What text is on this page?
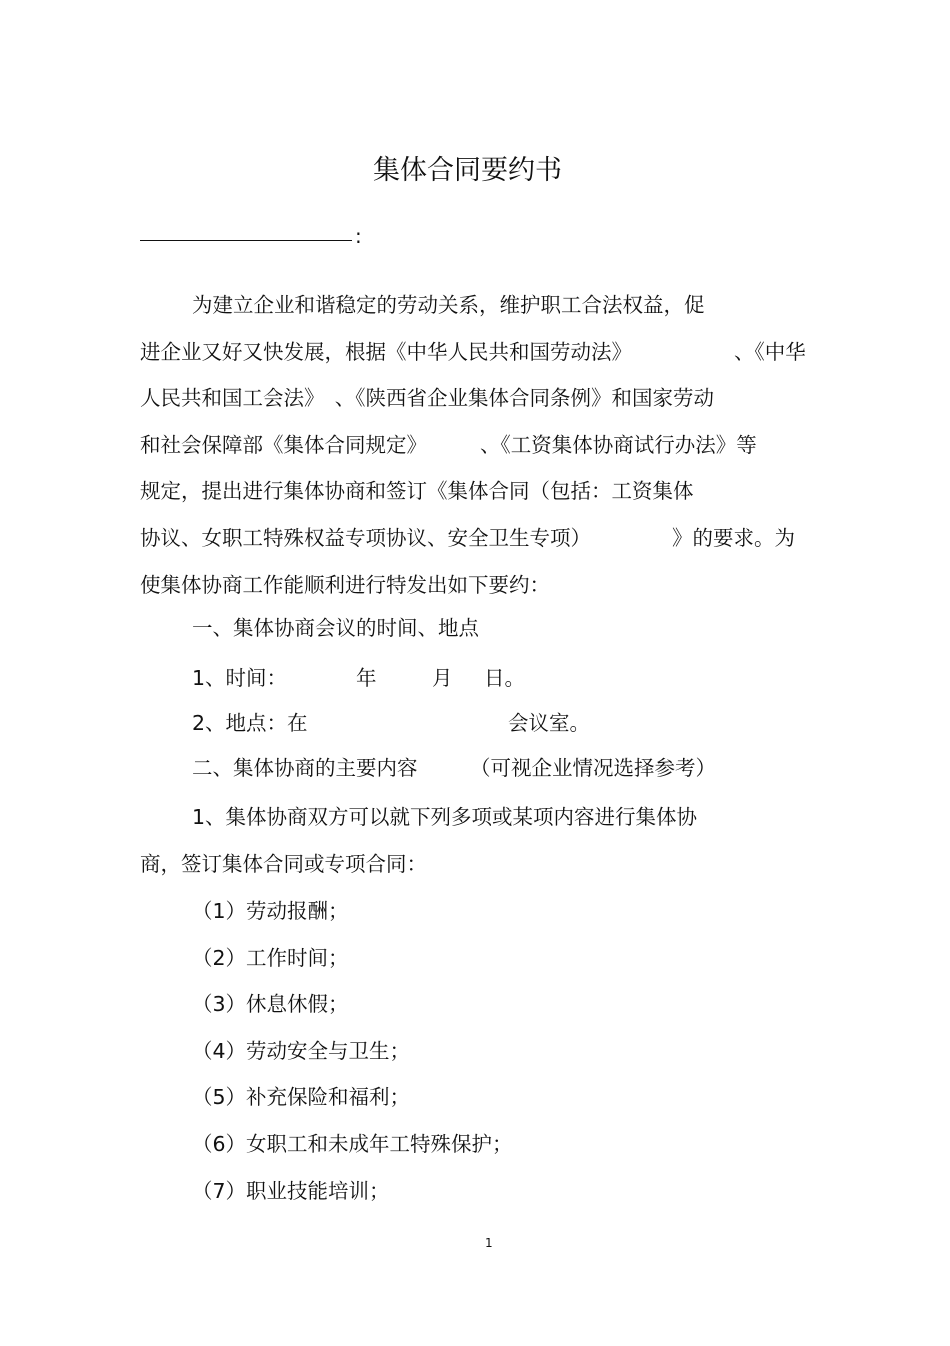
集体合同要约书
:
为建立企业和谐稳定的劳动关系，维护职工合法权益，促
进企业又好又快发展，根据《中华人民共和国劳动法》	、《中华
人民共和国工会法》　、《陕西省企业集体合同条例》和国家劳动
和社会保障部《集体合同规定》	、《工资集体协商试行办法》等
规定，提出进行集体协商和签订《集体合同（包括：工资集体
协议、女职工特殊权益专项协议、安全卫生专项）	》的要求。为
使集体协商工作能顺利进行特发出如下要约：
一、集体协商会议的时间、地点
1、时间：	年	月 日。
2、地点：在	会议室。
二、集体协商的主要内容	（可视企业情况选择参考）
1、集体协商双方可以就下列多项或某项内容进行集体协
商，签订集体合同或专项合同：
（1）劳动报酬；
（2）工作时间；
（3）休息休假；
（4）劳动安全与卫生；
（5）补充保险和福利；
（6）女职工和未成年工特殊保护；
（7）职业技能培训；
1
